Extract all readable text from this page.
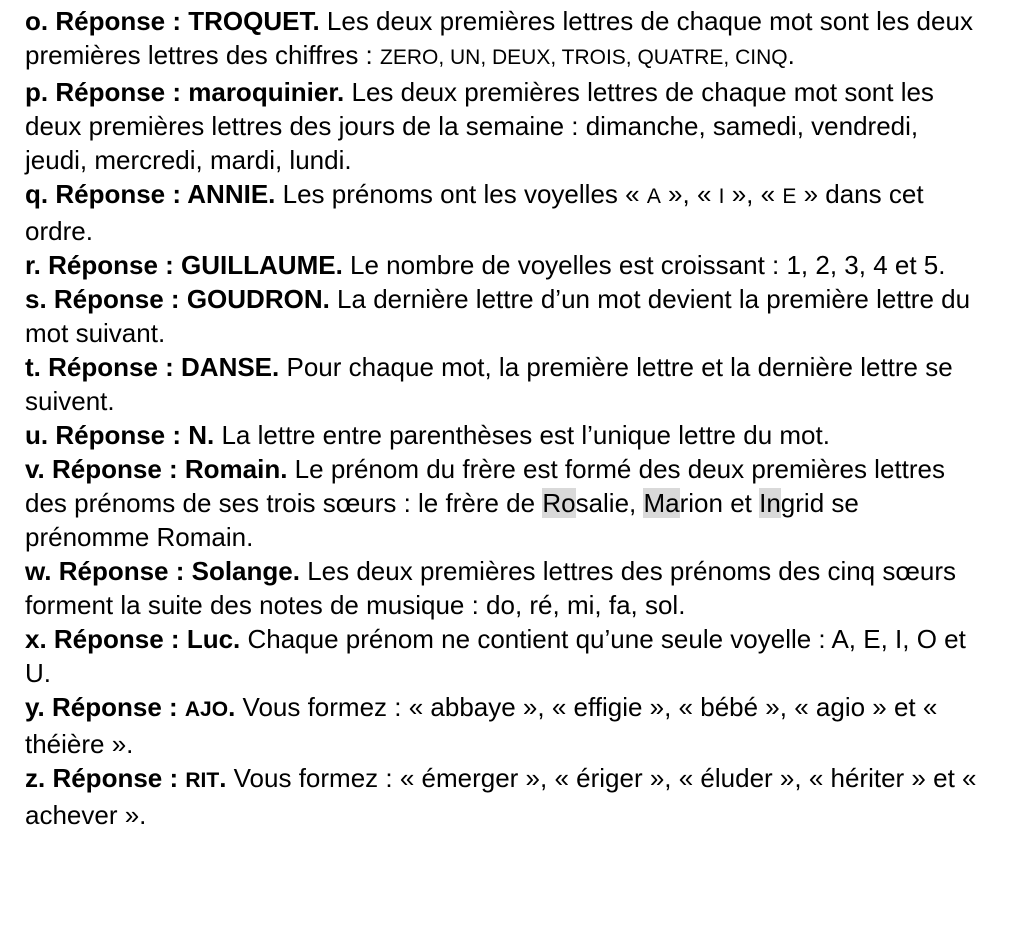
o. Réponse : TROQUET. Les deux premières lettres de chaque mot sont les deux premières lettres des chiffres : ZERO, UN, DEUX, TROIS, QUATRE, CINQ.

p. Réponse : maroquinier. Les deux premières lettres de chaque mot sont les deux premières lettres des jours de la semaine : dimanche, samedi, vendredi, jeudi, mercredi, mardi, lundi.

q. Réponse : ANNIE. Les prénoms ont les voyelles « A », « I », « E » dans cet ordre.

r. Réponse : GUILLAUME. Le nombre de voyelles est croissant : 1, 2, 3, 4 et 5.

s. Réponse : GOUDRON. La dernière lettre d’un mot devient la première lettre du mot suivant.

t. Réponse : DANSE. Pour chaque mot, la première lettre et la dernière lettre se suivent.

u. Réponse : N. La lettre entre parenthèses est l’unique lettre du mot.

v. Réponse : Romain. Le prénom du frère est formé des deux premières lettres des prénoms de ses trois sœurs : le frère de Rosalie, Marion et Ingrid se prénomme Romain.

w. Réponse : Solange. Les deux premières lettres des prénoms des cinq sœurs forment la suite des notes de musique : do, ré, mi, fa, sol.

x. Réponse : Luc. Chaque prénom ne contient qu’une seule voyelle : A, E, I, O et U.

y. Réponse : AJO. Vous formez : « abbaye », « effigie », « bébé », « agio » et « théière ».

z. Réponse : RIT. Vous formez : « émerger », « ériger », « éluder », « hériter » et « achever ».
